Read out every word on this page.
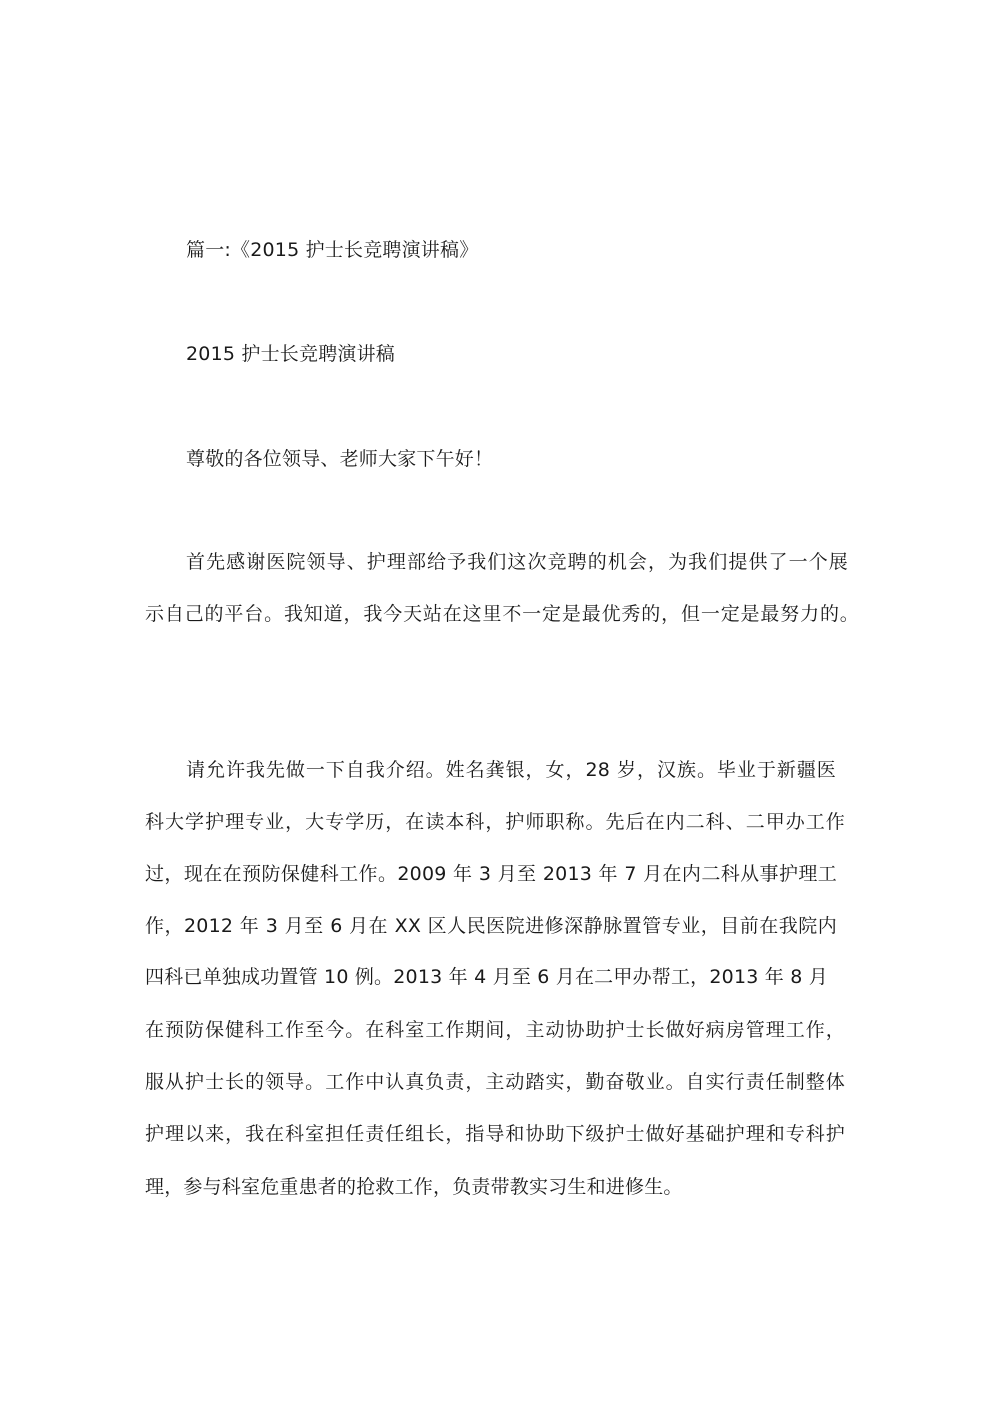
篇一:《2015 护士长竞聘演讲稿》
2015 护士长竞聘演讲稿
尊敬的各位领导、老师大家下午好！
首先感谢医院领导、护理部给予我们这次竞聘的机会，为我们提供了一个展
示自己的平台。我知道，我今天站在这里不一定是最优秀的，但一定是最努力的。
请允许我先做一下自我介绍。姓名龚银，女，28 岁，汉族。毕业于新疆医
科大学护理专业，大专学历，在读本科，护师职称。先后在内二科、二甲办工作
过，现在在预防保健科工作。2009 年 3 月至 2013 年 7 月在内二科从事护理工
作，2012 年 3 月至 6 月在 XX 区人民医院进修深静脉置管专业，目前在我院内
四科已单独成功置管 10 例。2013 年 4 月至 6 月在二甲办帮工，2013 年 8 月
在预防保健科工作至今。在科室工作期间，主动协助护士长做好病房管理工作，
服从护士长的领导。工作中认真负责，主动踏实，勤奋敬业。自实行责任制整体
护理以来，我在科室担任责任组长，指导和协助下级护士做好基础护理和专科护
理，参与科室危重患者的抢救工作，负责带教实习生和进修生。
